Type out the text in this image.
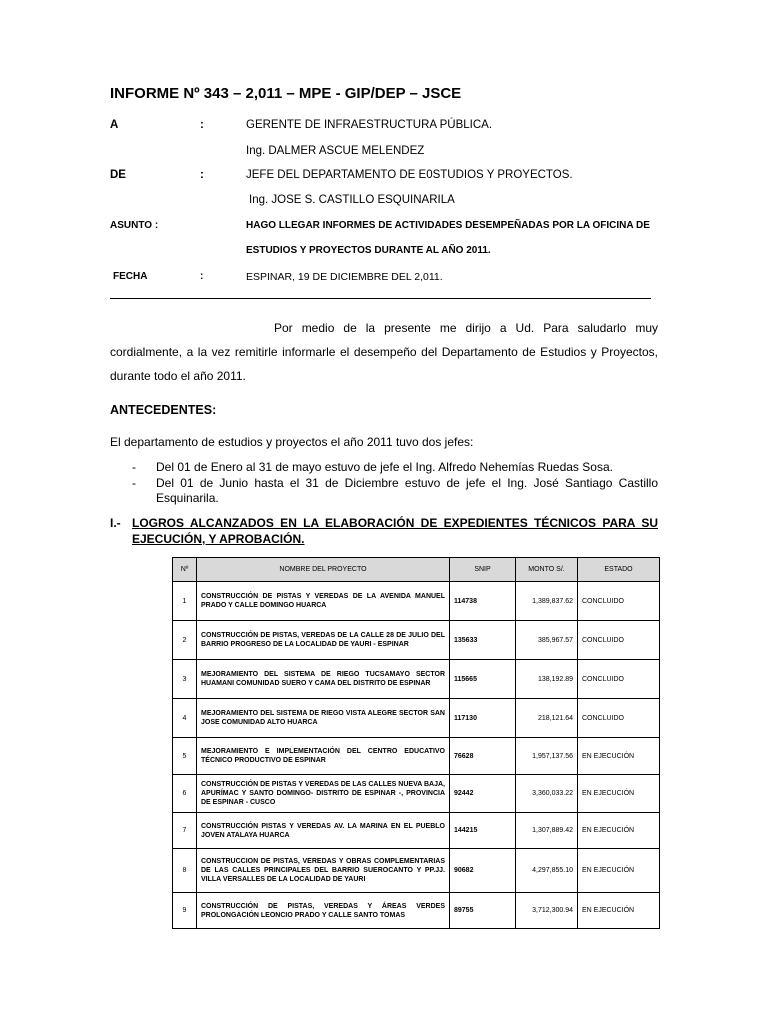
INFORME Nº 343 – 2,011 – MPE - GIP/DEP – JSCE
A	:	GERENTE DE INFRAESTRUCTURA PÚBLICA.
Ing. DALMER ASCUE MELENDEZ
DE	:	JEFE DEL DEPARTAMENTO DE E0STUDIOS Y PROYECTOS.
Ing. JOSE S. CASTILLO ESQUINARILA
ASUNTO :	HAGO LLEGAR INFORMES DE ACTIVIDADES DESEMPEÑADAS POR LA OFICINA DE
ESTUDIOS Y PROYECTOS DURANTE AL AÑO 2011.
FECHA	:	ESPINAR, 19 DE DICIEMBRE DEL 2,011.
Por medio de la presente me dirijo a Ud. Para saludarlo muy cordialmente, a la vez remitirle informarle el desempeño del Departamento de Estudios y Proyectos, durante todo el año 2011.
ANTECEDENTES:
El departamento de estudios y proyectos el año 2011 tuvo dos jefes:
- Del 01 de Enero al 31 de mayo estuvo de jefe el Ing. Alfredo Nehemías Ruedas Sosa.
- Del 01 de Junio hasta el 31 de Diciembre estuvo de jefe el Ing. José Santiago Castillo Esquinarila.
I.- LOGROS ALCANZADOS EN LA ELABORACIÓN DE EXPEDIENTES TÉCNICOS PARA SU
EJECUCIÓN, Y APROBACIÓN.
Nº	NOMBRE DEL PROYECTO	SNIP	MONTO S/.	ESTADO
1	CONSTRUCCIÓN DE PISTAS Y VEREDAS DE LA AVENIDA MANUEL PRADO Y CALLE DOMINGO HUARCA	114738	1,389,837.62	CONCLUIDO
2	CONSTRUCCIÓN DE PISTAS, VEREDAS DE LA CALLE 28 DE JULIO DEL BARRIO PROGRESO DE LA LOCALIDAD DE YAURI - ESPINAR	135633	385,967.57	CONCLUIDO
3	MEJORAMIENTO DEL SISTEMA DE RIEGO TUCSAMAYO SECTOR HUAMANI COMUNIDAD SUERO Y CAMA DEL DISTRITO DE ESPINAR	115665	138,192.89	CONCLUIDO
4	MEJORAMIENTO DEL SISTEMA DE RIEGO VISTA ALEGRE SECTOR SAN JOSE COMUNIDAD ALTO HUARCA	117130	218,121.64	CONCLUIDO
5	MEJORAMIENTO E IMPLEMENTACIÓN DEL CENTRO EDUCATIVO TÉCNICO PRODUCTIVO DE ESPINAR	76628	1,957,137.56	EN EJECUCIÓN
6	CONSTRUCCIÓN DE PISTAS Y VEREDAS DE LAS CALLES NUEVA BAJA, APURÍMAC Y SANTO DOMINGO- DISTRITO DE ESPINAR -, PROVINCIA DE ESPINAR - CUSCO	92442	3,360,033.22	EN EJECUCIÓN
7	CONSTRUCCIÓN PISTAS Y VEREDAS AV. LA MARINA EN EL PUEBLO JOVEN ATALAYA HUARCA	144215	1,307,889.42	EN EJECUCIÓN
8	CONSTRUCCION DE PISTAS, VEREDAS Y OBRAS COMPLEMENTARIAS DE LAS CALLES PRINCIPALES DEL BARRIO SUEROCANTO Y PP.JJ. VILLA VERSALLES DE LA LOCALIDAD DE YAURI	90682	4,297,855.10	EN EJECUCIÓN
9	CONSTRUCCIÓN DE PISTAS, VEREDAS Y ÁREAS VERDES PROLONGACIÓN LEONCIO PRADO Y CALLE SANTO TOMAS	89755	3,712,300.94	EN EJECUCIÓN
